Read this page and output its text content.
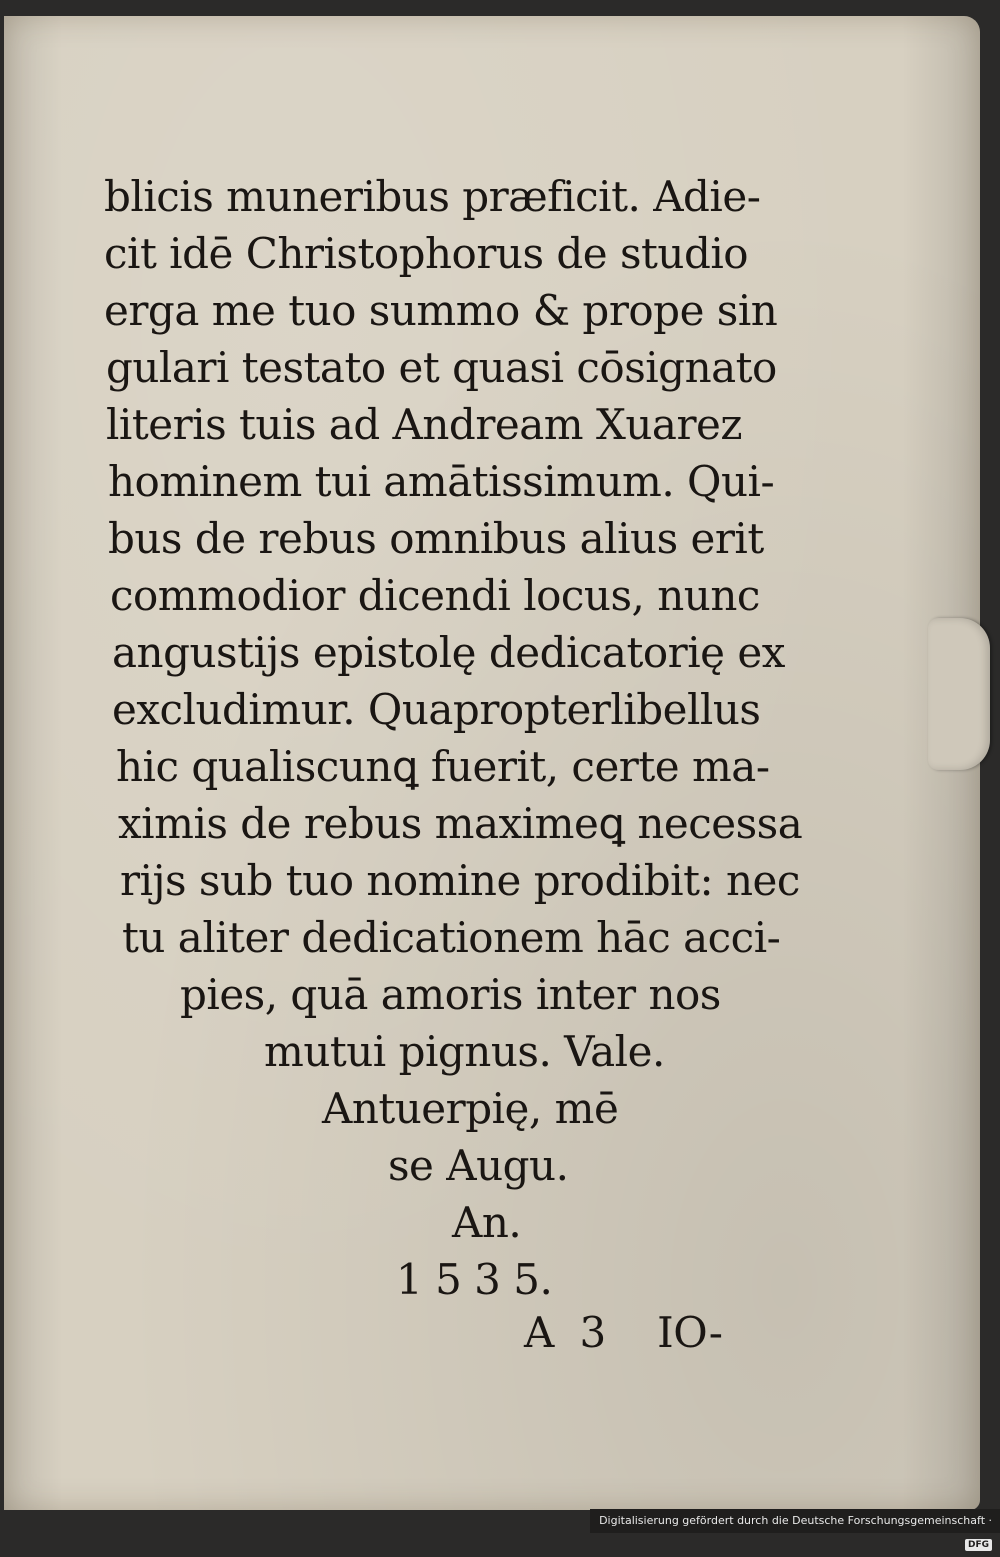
blicis muneribus præficit. Adie-
cit idē Christophorus de studio
erga me tuo summo & prope sin
gulari testato et quasi cōsignato
literis tuis ad Andream Xuarez
hominem tui amātissimum. Qui-
bus de rebus omnibus alius erit
commodior dicendi locus, nunc
angustijs epistolę dedicatorię ex
excludimur. Quapropterlibellus
hic qualiscunꝗ fuerit, certe ma-
ximis de rebus maximeꝗ necessa
rijs sub tuo nomine prodibit: nec
tu aliter dedicationem hāc acci-
pies, quā amoris inter nos
mutui pignus. Vale.
Antuerpię, mē
se Augu.
An.
1 5 3 5.
A  3    IO-
Digitalisierung gefördert durch die Deutsche Forschungsgemeinschaft ·DFG
